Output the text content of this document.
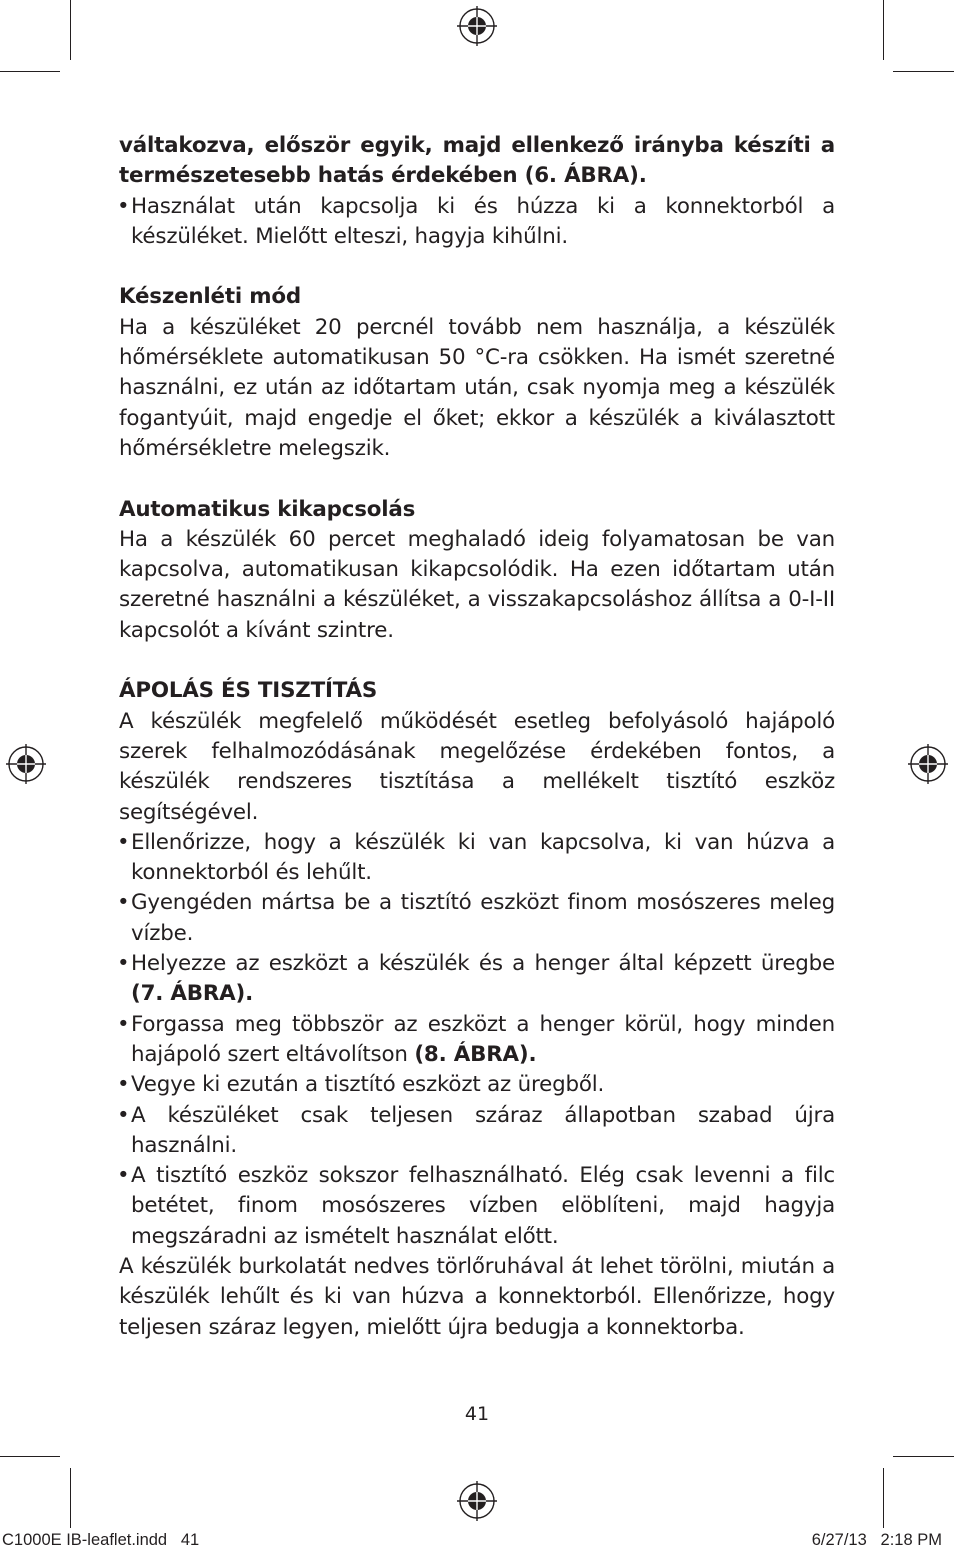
váltakozva, először egyik, majd ellenkező irányba készíti a természetesebb hatás érdekében (6. ÁBRA).

• Használat után kapcsolja ki és húzza ki a konnektorból a készüléket. Mielőtt elteszi, hagyja kihűlni.

Készenléti mód

Ha a készüléket 20 percnél tovább nem használja, a készülék hőmérséklete automatikusan 50 °C-ra csökken. Ha ismét szeretné használni, ez után az időtartam után, csak nyomja meg a készülék fogantyúit, majd engedje el őket; ekkor a készülék a kiválasztott hőmérsékletre melegszik.

Automatikus kikapcsolás

Ha a készülék 60 percet meghaladó ideig folyamatosan be van kapcsolva, automatikusan kikapcsolódik. Ha ezen időtartam után szeretné használni a készüléket, a visszakapcsoláshoz állítsa a 0-I-II kapcsolót a kívánt szintre.

ÁPOLÁS ÉS TISZTÍTÁS

A készülék megfelelő működését esetleg befolyásoló hajápoló szerek felhalmozódásának megelőzése érdekében fontos, a készülék rendszeres tisztítása a mellékelt tisztító eszköz segítségével.

• Ellenőrizze, hogy a készülék ki van kapcsolva, ki van húzva a konnektorból és lehűlt.

• Gyengéden mártsa be a tisztító eszközt finom mosószeres meleg vízbe.

• Helyezze az eszközt a készülék és a henger által képzett üregbe (7. ÁBRA).

• Forgassa meg többször az eszközt a henger körül, hogy minden hajápoló szert eltávolítson (8. ÁBRA).

• Vegye ki ezután a tisztító eszközt az üregből.

• A készüléket csak teljesen száraz állapotban szabad újra használni.

• A tisztító eszköz sokszor felhasználható. Elég csak levenni a filc betétet, finom mosószeres vízben elöblíteni, majd hagyja megszáradni az ismételt használat előtt.

A készülék burkolatát nedves törlőruhával át lehet törölni, miután a készülék lehűlt és ki van húzva a konnektorból. Ellenőrizze, hogy teljesen száraz legyen, mielőtt újra bedugja a konnektorba.

41
C1000E IB-leaflet.indd   41	6/27/13   2:18 PM
